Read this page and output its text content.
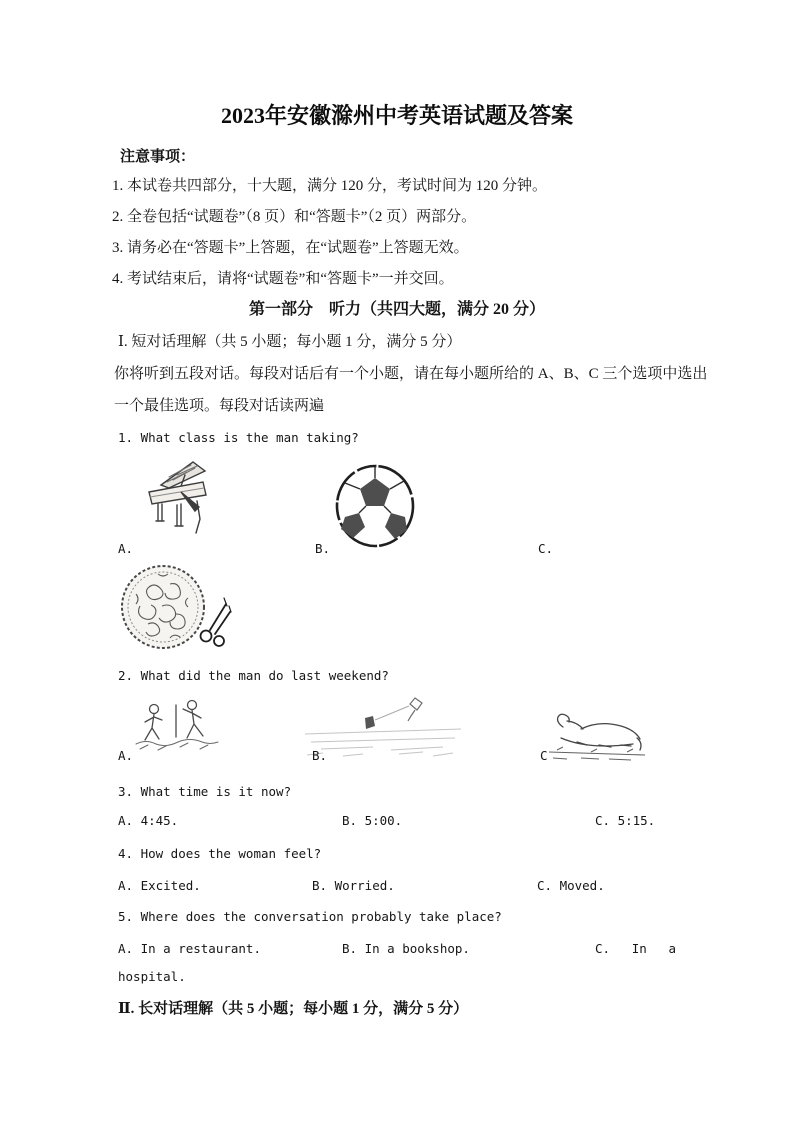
2023年安徽滁州中考英语试题及答案
注意事项：
1. 本试卷共四部分，十大题，满分 120 分，考试时间为 120 分钟。
2. 全卷包括“试题卷”（8 页）和“答题卡”（2 页）两部分。
3. 请务必在“答题卡”上答题，在“试题卷”上答题无效。
4. 考试结束后，请将“试题卷”和“答题卡”一并交回。
第一部分　听力（共四大题，满分 20 分）
Ⅰ. 短对话理解（共 5 小题；每小题 1 分，满分 5 分）
你将听到五段对话。每段对话后有一个小题，请在每小题所给的 A、B、C 三个选项中选出
一个最佳选项。每段对话读两遍
1. What class is the man taking?
A.	B.	C.
2. What did the man do last weekend?
A.	B.	C
3. What time is it now?
A. 4:45.	B. 5:00.	C. 5:15.
4. How does the woman feel?
A. Excited.	B. Worried.	C. Moved.
5. Where does the conversation probably take place?
A. In a restaurant.	B. In a bookshop.	C. In a
hospital.
Ⅱ. 长对话理解（共 5 小题；每小题 1 分，满分 5 分）
